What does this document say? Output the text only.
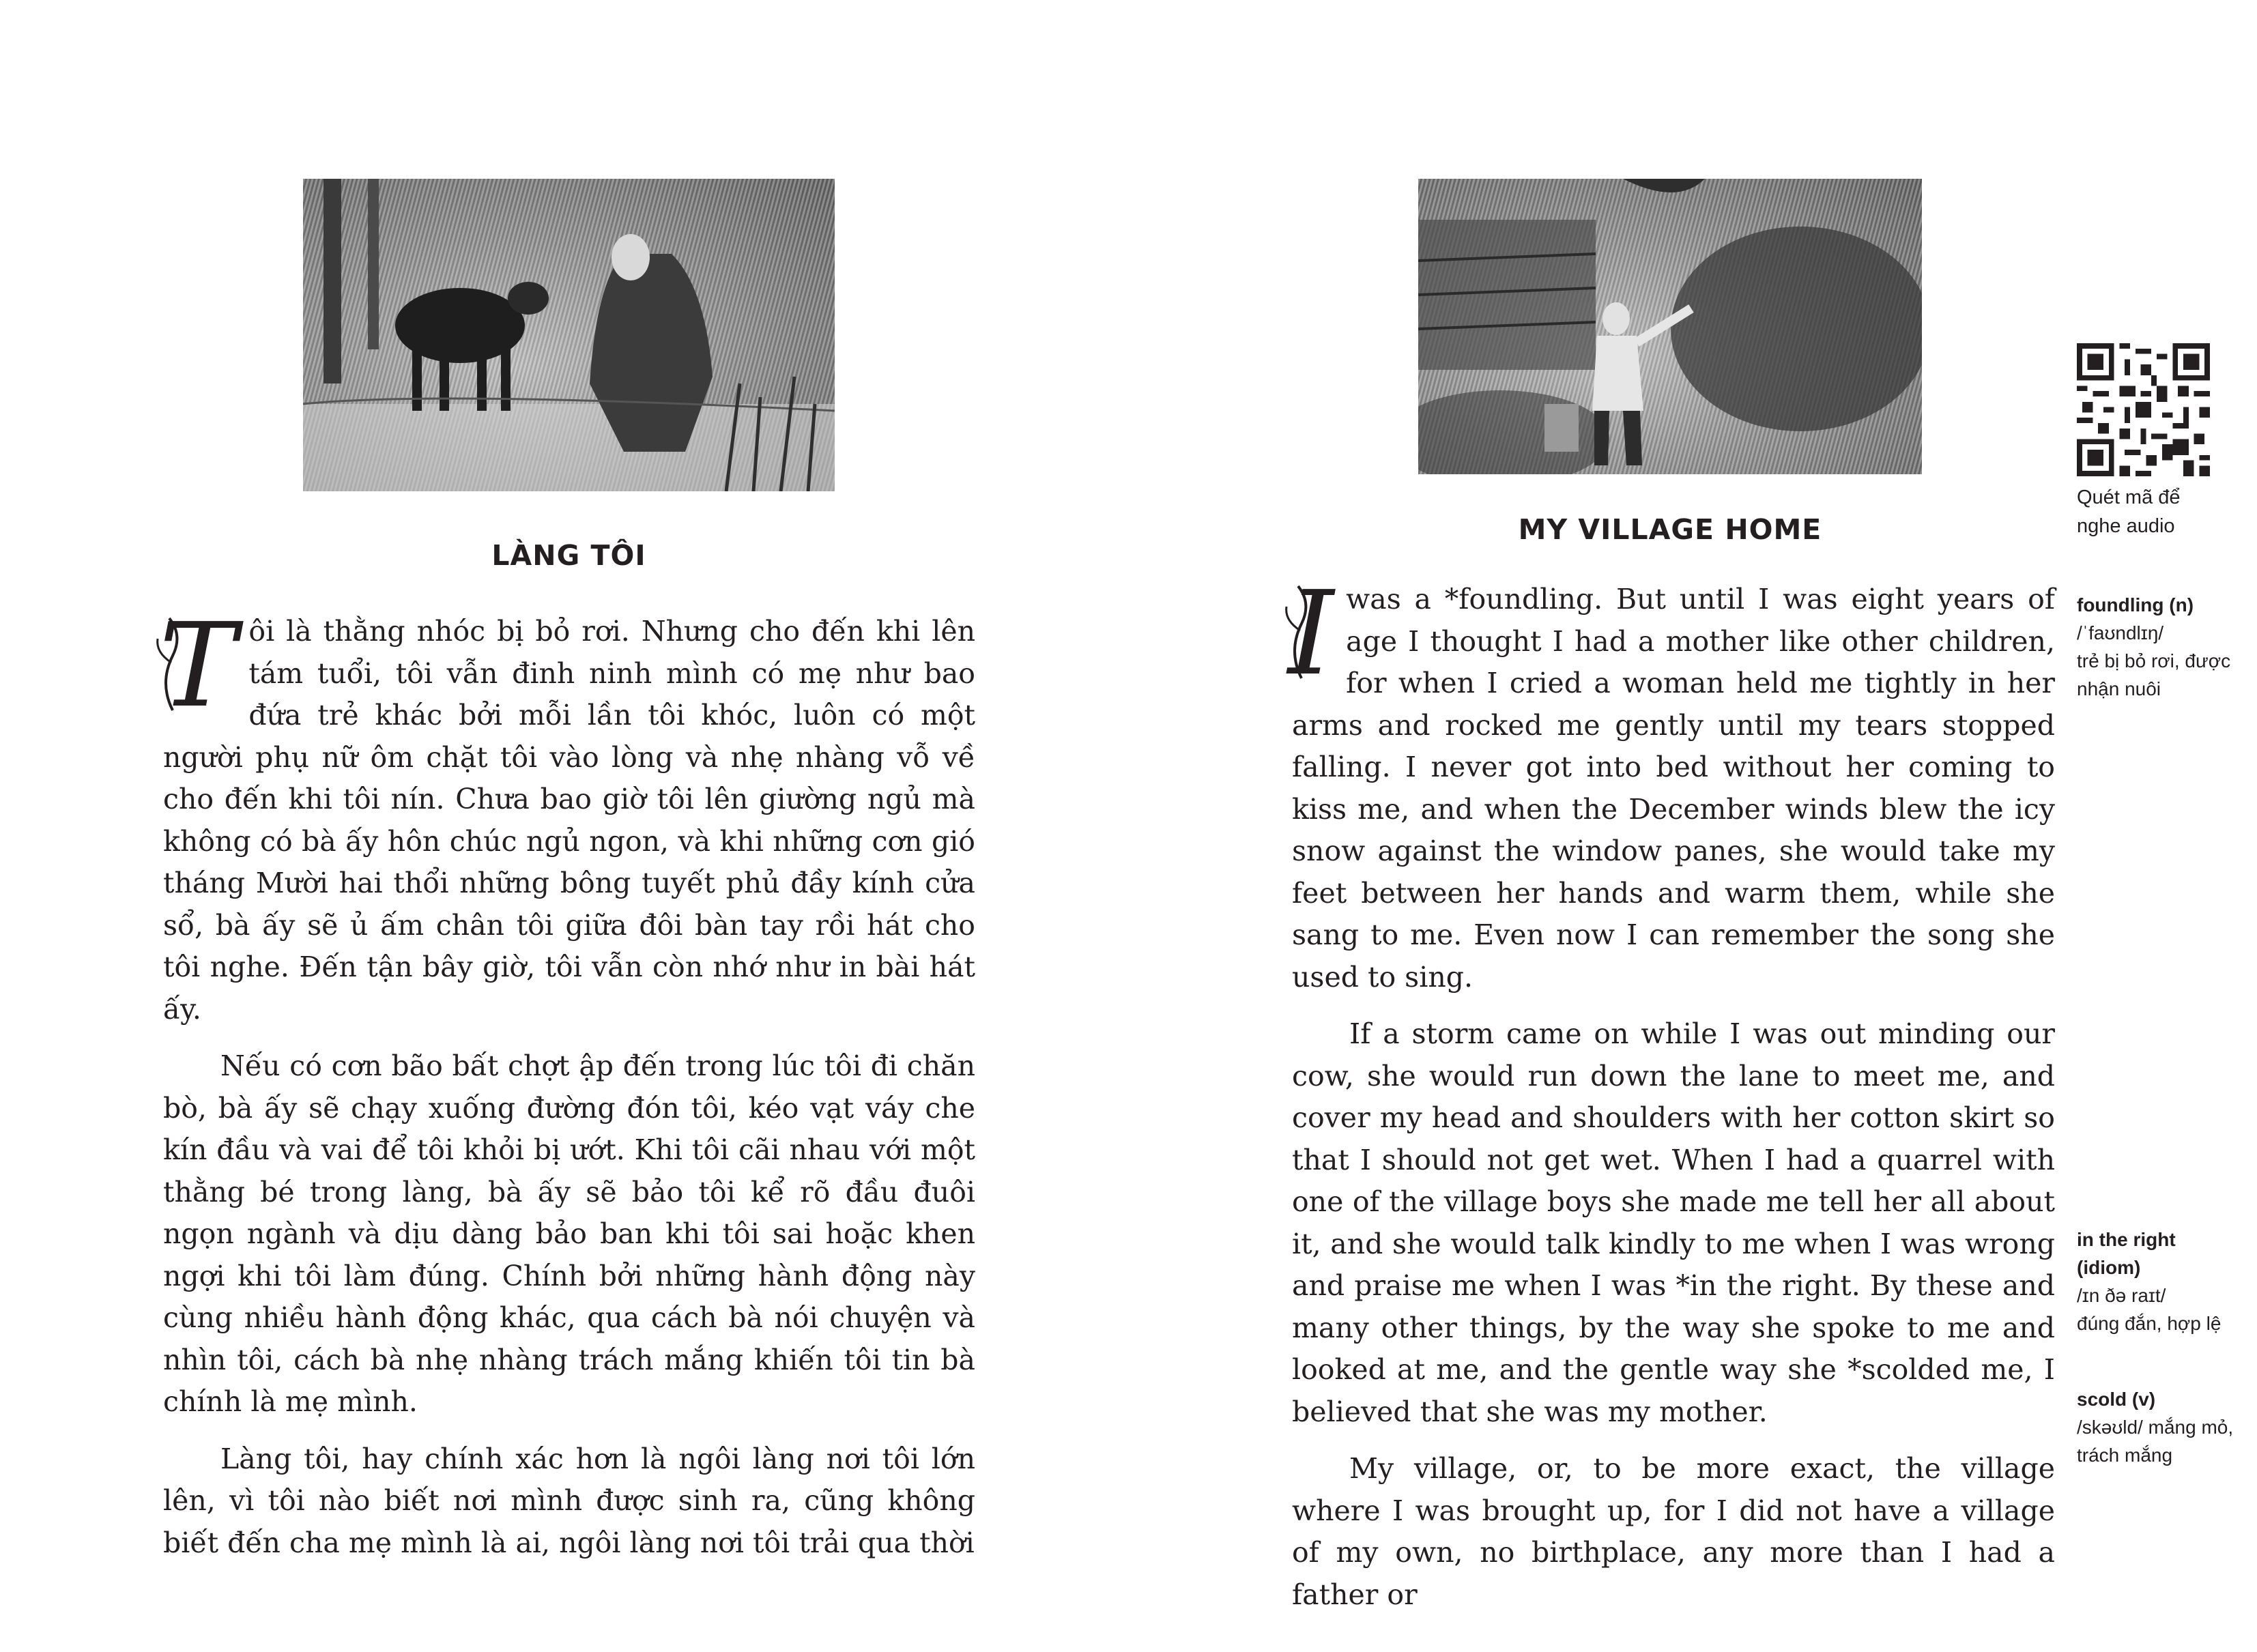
LÀNG TÔI

T ôi là thằng nhóc bị bỏ rơi. Nhưng cho đến khi lên tám tuổi, tôi vẫn đinh ninh mình có mẹ như bao đứa trẻ khác bởi mỗi lần tôi khóc, luôn có một người phụ nữ ôm chặt tôi vào lòng và nhẹ nhàng vỗ về cho đến khi tôi nín. Chưa bao giờ tôi lên giường ngủ mà không có bà ấy hôn chúc ngủ ngon, và khi những cơn gió tháng Mười hai thổi những bông tuyết phủ đầy kính cửa sổ, bà ấy sẽ ủ ấm chân tôi giữa đôi bàn tay rồi hát cho tôi nghe. Đến tận bây giờ, tôi vẫn còn nhớ như in bài hát ấy.

Nếu có cơn bão bất chợt ập đến trong lúc tôi đi chăn bò, bà ấy sẽ chạy xuống đường đón tôi, kéo vạt váy che kín đầu và vai để tôi khỏi bị ướt. Khi tôi cãi nhau với một thằng bé trong làng, bà ấy sẽ bảo tôi kể rõ đầu đuôi ngọn ngành và dịu dàng bảo ban khi tôi sai hoặc khen ngợi khi tôi làm đúng. Chính bởi những hành động này cùng nhiều hành động khác, qua cách bà nói chuyện và nhìn tôi, cách bà nhẹ nhàng trách mắng khiến tôi tin bà chính là mẹ mình.

Làng tôi, hay chính xác hơn là ngôi làng nơi tôi lớn lên, vì tôi nào biết nơi mình được sinh ra, cũng không biết đến cha mẹ mình là ai, ngôi làng nơi tôi trải qua thời

MY VILLAGE HOME

I was a *foundling. But until I was eight years of age I thought I had a mother like other children, for when I cried a woman held me tightly in her arms and rocked me gently until my tears stopped falling. I never got into bed without her coming to kiss me, and when the December winds blew the icy snow against the window panes, she would take my feet between her hands and warm them, while she sang to me. Even now I can remember the song she used to sing.

If a storm came on while I was out minding our cow, she would run down the lane to meet me, and cover my head and shoulders with her cotton skirt so that I should not get wet. When I had a quarrel with one of the village boys she made me tell her all about it, and she would talk kindly to me when I was wrong and praise me when I was *in the right. By these and many other things, by the way she spoke to me and looked at me, and the gentle way she *scolded me, I believed that she was my mother.

My village, or, to be more exact, the village where I was brought up, for I did not have a village of my own, no birthplace, any more than I had a father or

Quét mã để nghe audio
foundling (n)
/ˈfaʊndlɪŋ/
trẻ bị bỏ rơi, được nhận nuôi
in the right (idiom)
/ɪn ðə raɪt/
đúng đắn, hợp lệ
scold (v)
/skəʊld/ mắng mỏ, trách mắng
